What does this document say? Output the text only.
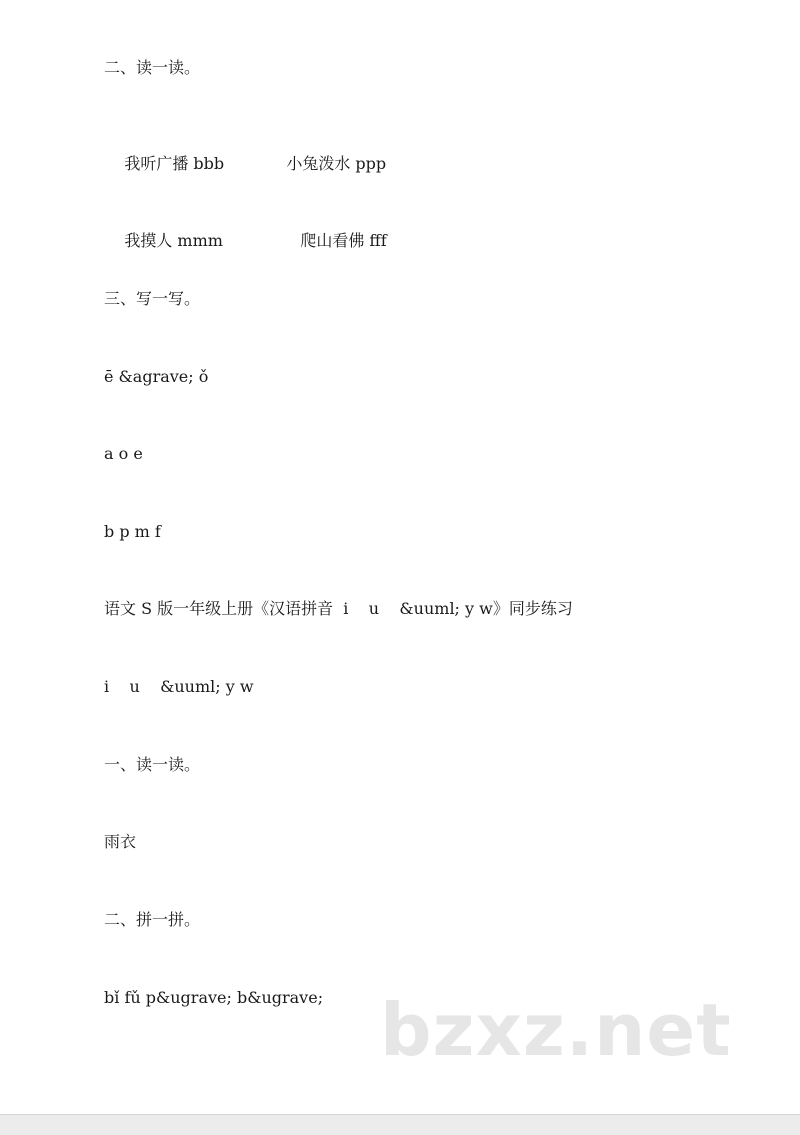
二、读一读。

我听广播 bbb	小兔泼水 ppp

我摸人 mmm	爬山看佛 fff

三、写一写。
ē &agrave; ǒ
a o e
b p m f
语文 S 版一年级上册《汉语拼音  i    u    &uuml; y w》同步练习
i    u    &uuml; y w
一、读一读。
雨衣
二、拼一拼。
bǐ fǔ p&ugrave; b&ugrave; bzxz.net
